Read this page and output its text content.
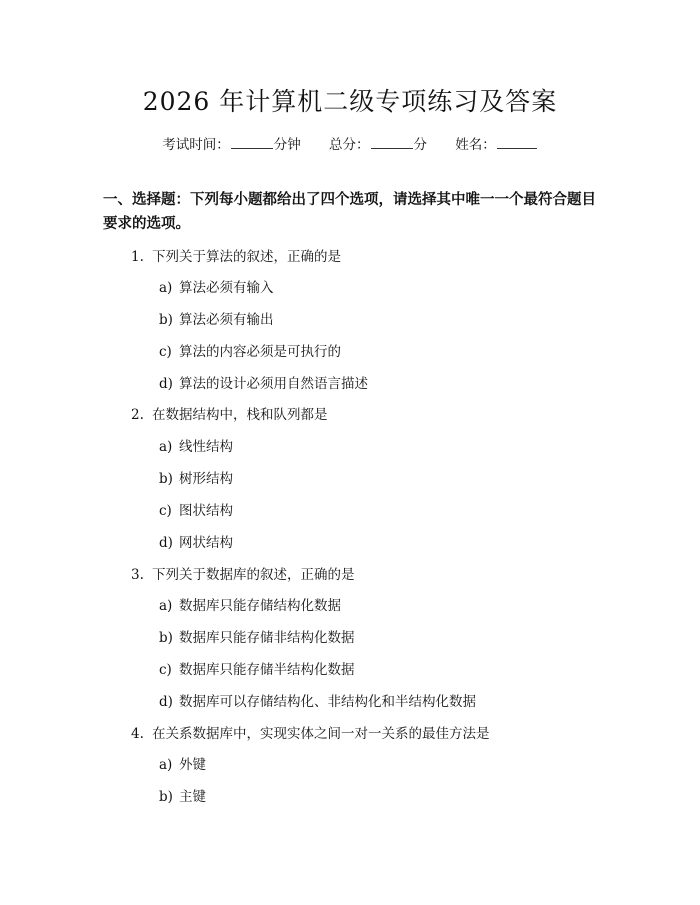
2026 年计算机二级专项练习及答案
考试时间：	分钟 总分：	分 姓名：

一、选择题：下列每小题都给出了四个选项，请选择其中唯一一个最符合题目要求的选项。

1. 下列关于算法的叙述，正确的是
a) 算法必须有输入
b) 算法必须有输出
c) 算法的内容必须是可执行的
d) 算法的设计必须用自然语言描述
2. 在数据结构中，栈和队列都是
a) 线性结构
b) 树形结构
c) 图状结构
d) 网状结构
3. 下列关于数据库的叙述，正确的是
a) 数据库只能存储结构化数据
b) 数据库只能存储非结构化数据
c) 数据库只能存储半结构化数据
d) 数据库可以存储结构化、非结构化和半结构化数据
4. 在关系数据库中，实现实体之间一对一关系的最佳方法是
a) 外键
b) 主键
